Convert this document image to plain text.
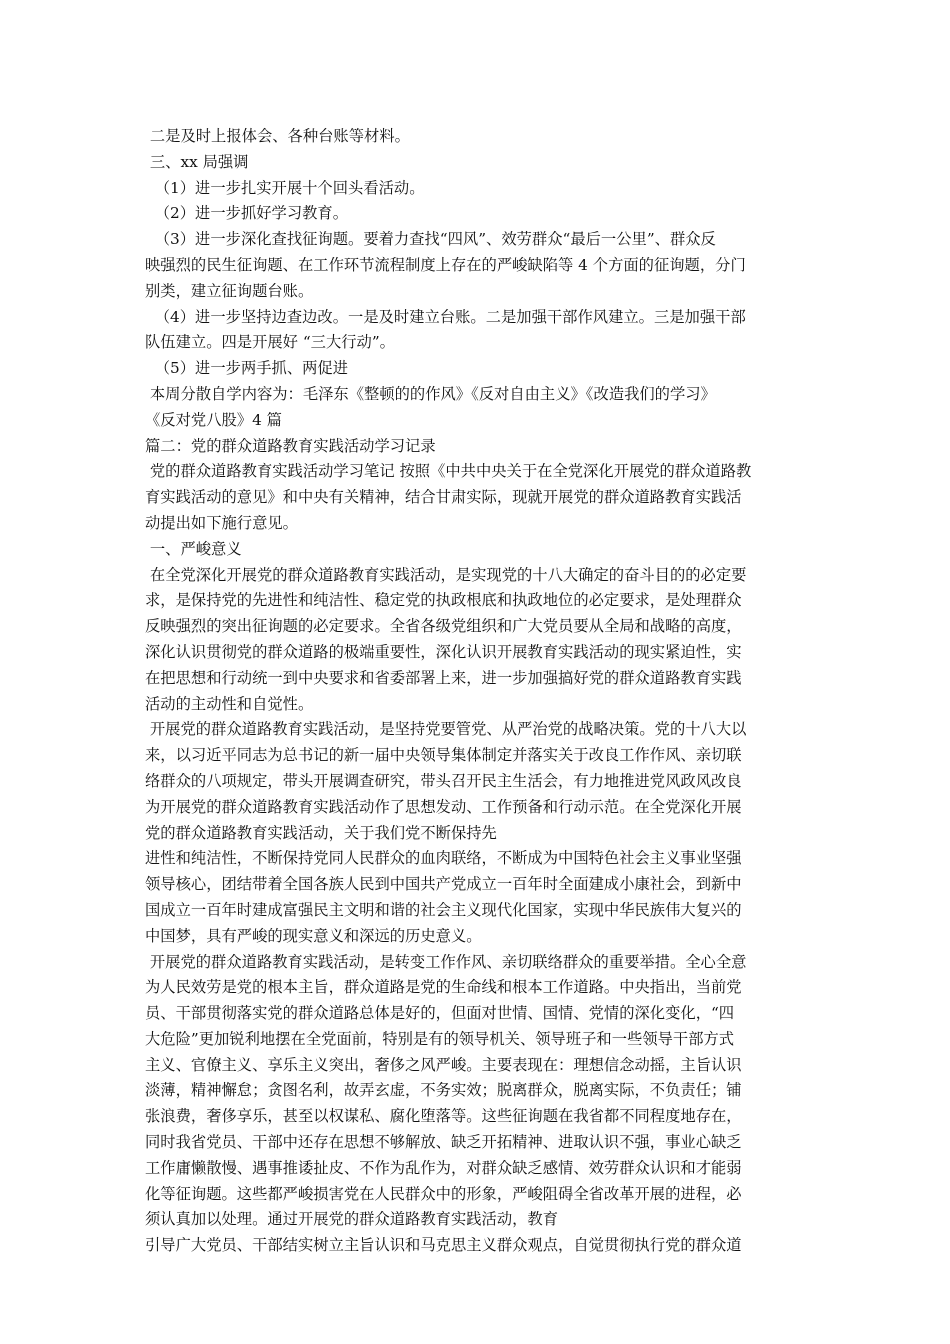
二是及时上报体会、各种台账等材料。
三、xx 局强调
（1）进一步扎实开展十个回头看活动。
（2）进一步抓好学习教育。
（3）进一步深化查找征询题。要着力查找“四风”、效劳群众“最后一公里”、群众反
映强烈的民生征询题、在工作环节流程制度上存在的严峻缺陷等 4 个方面的征询题，分门
别类，建立征询题台账。
（4）进一步坚持边查边改。一是及时建立台账。二是加强干部作风建立。三是加强干部
队伍建立。四是开展好 “三大行动”。
（5）进一步两手抓、两促进
本周分散自学内容为：毛泽东《整顿的的作风》《反对自由主义》《改造我们的学习》
《反对党八股》4 篇
篇二：党的群众道路教育实践活动学习记录
党的群众道路教育实践活动学习笔记 按照《中共中央关于在全党深化开展党的群众道路教
育实践活动的意见》和中央有关精神，结合甘肃实际，现就开展党的群众道路教育实践活
动提出如下施行意见。
一、严峻意义
在全党深化开展党的群众道路教育实践活动，是实现党的十八大确定的奋斗目的的必定要
求，是保持党的先进性和纯洁性、稳定党的执政根底和执政地位的必定要求，是处理群众
反映强烈的突出征询题的必定要求。全省各级党组织和广大党员要从全局和战略的高度，
深化认识贯彻党的群众道路的极端重要性，深化认识开展教育实践活动的现实紧迫性，实
在把思想和行动统一到中央要求和省委部署上来，进一步加强搞好党的群众道路教育实践
活动的主动性和自觉性。
开展党的群众道路教育实践活动，是坚持党要管党、从严治党的战略决策。党的十八大以
来，以习近平同志为总书记的新一届中央领导集体制定并落实关于改良工作作风、亲切联
络群众的八项规定，带头开展调查研究，带头召开民主生活会，有力地推进党风政风改良
为开展党的群众道路教育实践活动作了思想发动、工作预备和行动示范。在全党深化开展
党的群众道路教育实践活动，关于我们党不断保持先
进性和纯洁性，不断保持党同人民群众的血肉联络，不断成为中国特色社会主义事业坚强
领导核心，团结带着全国各族人民到中国共产党成立一百年时全面建成小康社会，到新中
国成立一百年时建成富强民主文明和谐的社会主义现代化国家，实现中华民族伟大复兴的
中国梦，具有严峻的现实意义和深远的历史意义。
开展党的群众道路教育实践活动，是转变工作作风、亲切联络群众的重要举措。全心全意
为人民效劳是党的根本主旨，群众道路是党的生命线和根本工作道路。中央指出，当前党
员、干部贯彻落实党的群众道路总体是好的，但面对世情、国情、党情的深化变化，“四
大危险”更加锐利地摆在全党面前，特别是有的领导机关、领导班子和一些领导干部方式
主义、官僚主义、享乐主义突出，奢侈之风严峻。主要表现在：理想信念动摇，主旨认识
淡薄，精神懈怠；贪图名利，故弄玄虚，不务实效；脱离群众，脱离实际，不负责任；铺
张浪费，奢侈享乐，甚至以权谋私、腐化堕落等。这些征询题在我省都不同程度地存在，
同时我省党员、干部中还存在思想不够解放、缺乏开拓精神、进取认识不强，事业心缺乏
工作庸懒散慢、遇事推诿扯皮、不作为乱作为，对群众缺乏感情、效劳群众认识和才能弱
化等征询题。这些都严峻损害党在人民群众中的形象，严峻阻碍全省改革开展的进程，必
须认真加以处理。通过开展党的群众道路教育实践活动，教育
引导广大党员、干部结实树立主旨认识和马克思主义群众观点，自觉贯彻执行党的群众道
